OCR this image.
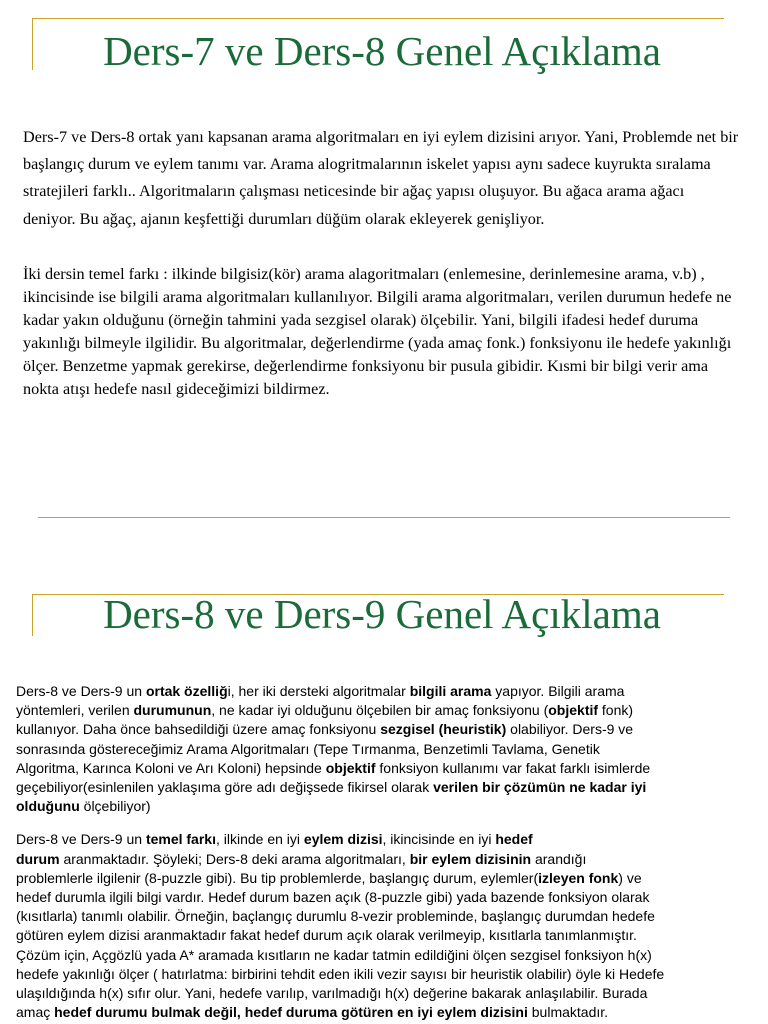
Ders-7 ve Ders-8 Genel Açıklama

Ders-7 ve Ders-8 ortak yanı kapsanan arama algoritmaları en iyi eylem dizisini arıyor. Yani, Problemde net bir başlangıç durum ve eylem tanımı var. Arama alogritmalarının iskelet yapısı aynı sadece kuyrukta sıralama stratejileri farklı.. Algoritmaların çalışması neticesinde bir ağaç yapısı oluşuyor. Bu ağaca arama ağacı deniyor. Bu ağaç, ajanın keşfettiği durumları düğüm olarak ekleyerek genişliyor.

İki dersin temel farkı : ilkinde bilgisiz(kör) arama alagoritmaları (enlemesine, derinlemesine arama, v.b) , ikincisinde ise bilgili arama algoritmaları kullanılıyor. Bilgili arama algoritmaları, verilen durumun hedefe ne kadar yakın olduğunu (örneğin tahmini yada sezgisel olarak) ölçebilir. Yani, bilgili ifadesi hedef duruma yakınlığı bilmeyle ilgilidir. Bu algoritmalar, değerlendirme (yada amaç fonk.) fonksiyonu ile hedefe yakınlığı ölçer. Benzetme yapmak gerekirse, değerlendirme fonksiyonu bir pusula gibidir. Kısmi bir bilgi verir ama nokta atışı hedefe nasıl gideceğimizi bildirmez.

Ders-8 ve Ders-9 Genel Açıklama
Ders-8 ve Ders-9 un ortak özelliği, her iki dersteki algoritmalar bilgili arama yapıyor. Bilgili arama
yöntemleri, verilen durumunun, ne kadar iyi olduğunu ölçebilen bir amaç fonksiyonu (objektif fonk)
kullanıyor. Daha önce bahsedildiği üzere amaç fonksiyonu sezgisel (heuristik) olabiliyor. Ders-9 ve
sonrasında göstereceğimiz Arama Algoritmaları (Tepe Tırmanma, Benzetimli Tavlama, Genetik
Algoritma, Karınca Koloni ve Arı Koloni) hepsinde objektif fonksiyon kullanımı var fakat farklı isimlerde
geçebiliyor(esinlenilen yaklaşıma göre adı değişsede fikirsel olarak verilen bir çözümün ne kadar iyi
olduğunu ölçebiliyor)
Ders-8 ve Ders-9 un temel farkı, ilkinde en iyi eylem dizisi, ikincisinde en iyi hedef
durum aranmaktadır. Şöyleki; Ders-8 deki arama algoritmaları, bir eylem dizisinin arandığı
problemlerle ilgilenir (8-puzzle gibi). Bu tip problemlerde, başlangıç durum, eylemler(izleyen fonk) ve
hedef durumla ilgili bilgi vardır. Hedef durum bazen açık (8-puzzle gibi) yada bazende fonksiyon olarak
(kısıtlarla) tanımlı olabilir. Örneğin, baçlangıç durumlu 8-vezir probleminde, başlangıç durumdan hedefe
götüren eylem dizisi aranmaktadır fakat hedef durum açık olarak verilmeyip, kısıtlarla tanımlanmıştır.
Çözüm için, Açgözlü yada A* aramada kısıtların ne kadar tatmin edildiğini ölçen sezgisel fonksiyon h(x)
hedefe yakınlığı ölçer ( hatırlatma: birbirini tehdit eden ikili vezir sayısı bir heuristik olabilir) öyle ki Hedefe
ulaşıldığında h(x) sıfır olur. Yani, hedefe varılıp, varılmadığı h(x) değerine bakarak anlaşılabilir. Burada
amaç hedef durumu bulmak değil, hedef duruma götüren en iyi eylem dizisini bulmaktadır.
